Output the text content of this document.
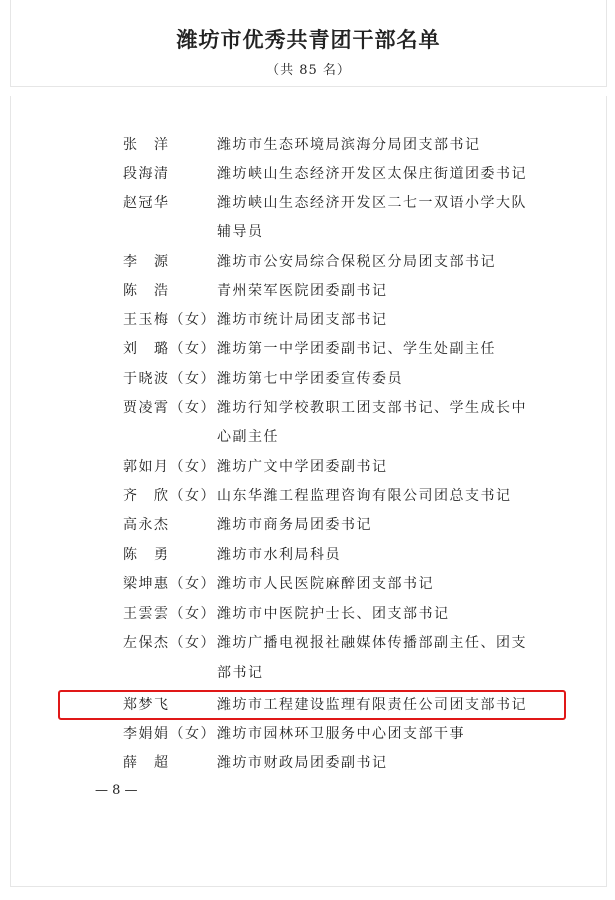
潍坊市优秀共青团干部名单
（共 85 名）
张　洋	潍坊市生态环境局滨海分局团支部书记
段海清	潍坊峡山生态经济开发区太保庄街道团委书记
赵冠华	潍坊峡山生态经济开发区二七一双语小学大队
辅导员
李　源	潍坊市公安局综合保税区分局团支部书记
陈　浩	青州荣军医院团委副书记
王玉梅（女） 潍坊市统计局团支部书记
刘　璐（女） 潍坊第一中学团委副书记、学生处副主任
于晓波（女） 潍坊第七中学团委宣传委员
贾凌霄（女） 潍坊行知学校教职工团支部书记、学生成长中
心副主任
郭如月（女） 潍坊广文中学团委副书记
齐　欣（女） 山东华潍工程监理咨询有限公司团总支书记
高永杰	潍坊市商务局团委书记
陈　勇	潍坊市水利局科员
梁坤惠（女） 潍坊市人民医院麻醉团支部书记
王雲雲（女） 潍坊市中医院护士长、团支部书记
左保杰（女） 潍坊广播电视报社融媒体传播部副主任、团支
部书记
郑梦飞	潍坊市工程建设监理有限责任公司团支部书记
李娟娟（女） 潍坊市园林环卫服务中心团支部干事
薛　超	潍坊市财政局团委副书记
— 8 —
